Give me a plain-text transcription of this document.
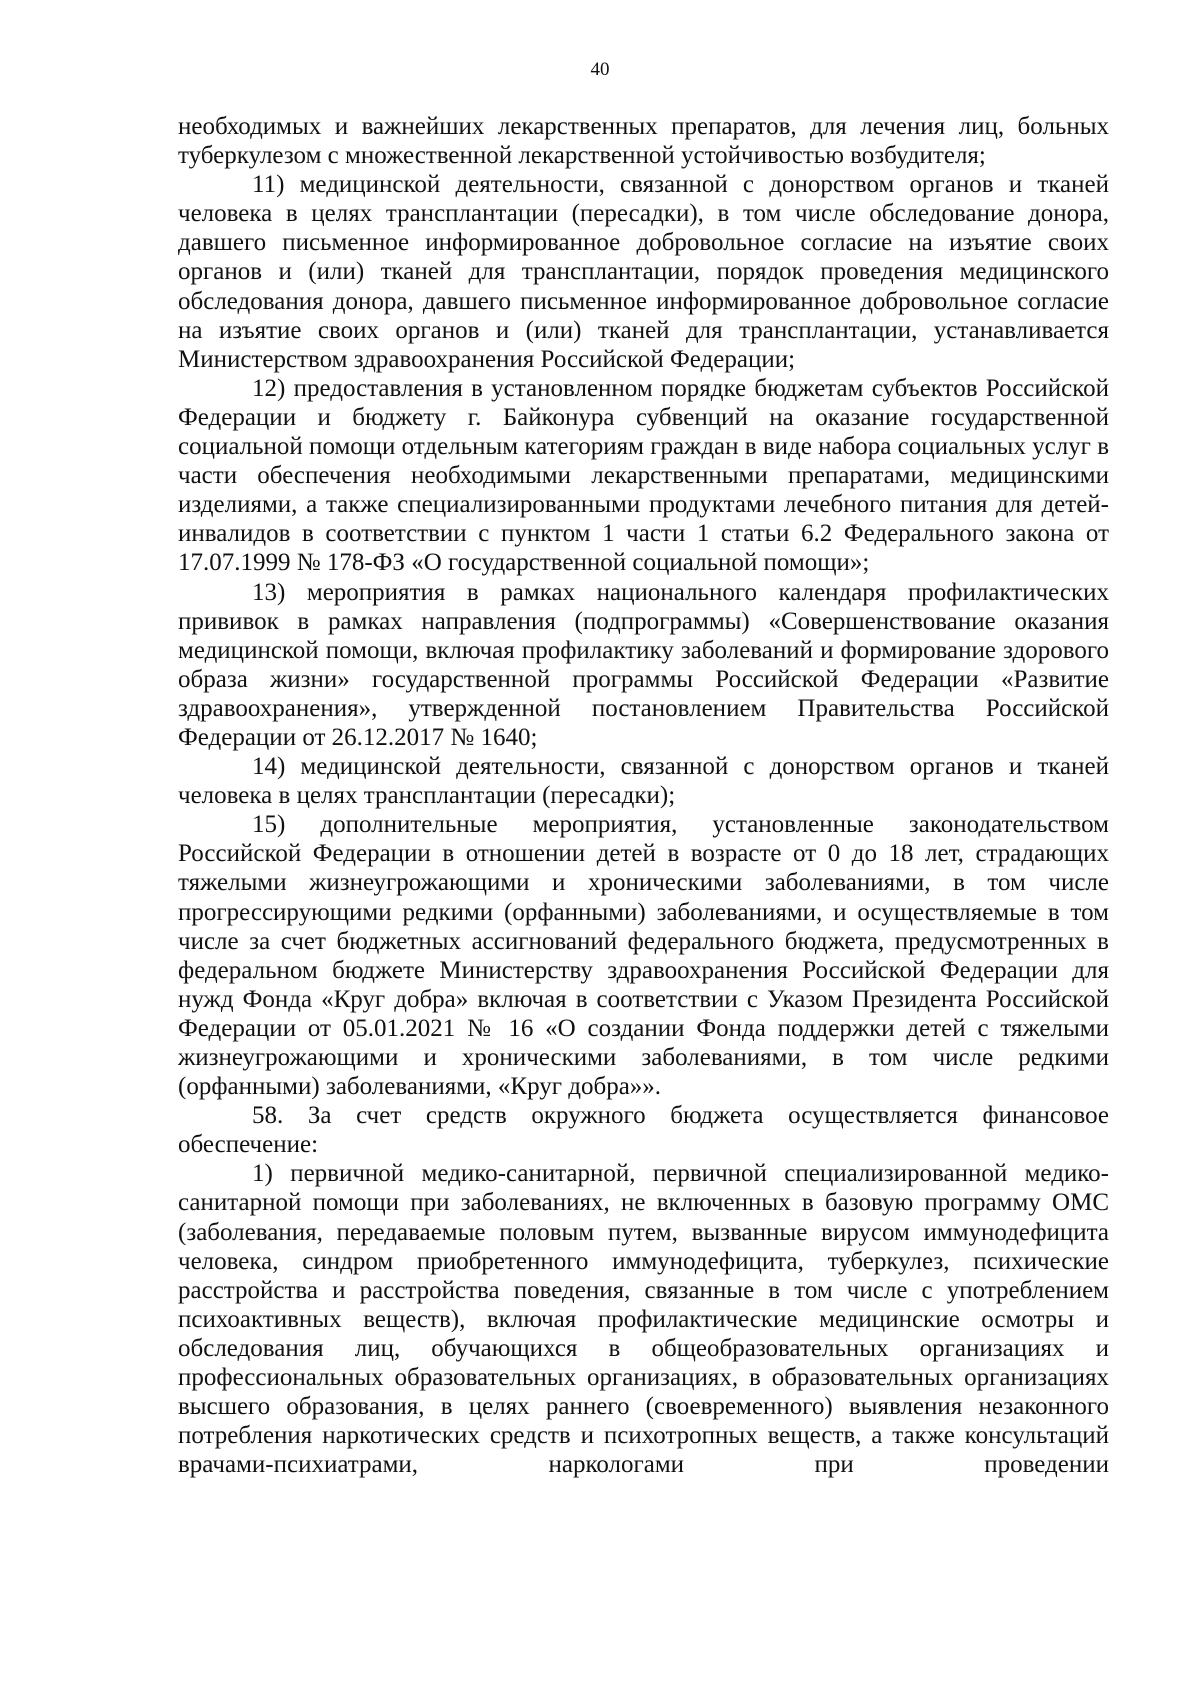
40

необходимых и важнейших лекарственных препаратов, для лечения лиц, больных туберкулезом с множественной лекарственной устойчивостью возбудителя;

11) медицинской деятельности, связанной с донорством органов и тканей человека в целях трансплантации (пересадки), в том числе обследование донора, давшего письменное информированное добровольное согласие на изъятие своих органов и (или) тканей для трансплантации, порядок проведения медицинского обследования донора, давшего письменное информированное добровольное согласие на изъятие своих органов и (или) тканей для трансплантации, устанавливается Министерством здравоохранения Российской Федерации;

12) предоставления в установленном порядке бюджетам субъектов Российской Федерации и бюджету г. Байконура субвенций на оказание государственной социальной помощи отдельным категориям граждан в виде набора социальных услуг в части обеспечения необходимыми лекарственными препаратами, медицинскими изделиями, а также специализированными продуктами лечебного питания для детей-инвалидов в соответствии с пунктом 1 части 1 статьи 6.2 Федерального закона от 17.07.1999 № 178-ФЗ «О государственной социальной помощи»;

13) мероприятия в рамках национального календаря профилактических прививок в рамках направления (подпрограммы) «Совершенствование оказания медицинской помощи, включая профилактику заболеваний и формирование здорового образа жизни» государственной программы Российской Федерации «Развитие здравоохранения», утвержденной постановлением Правительства Российской Федерации от 26.12.2017 № 1640;

14) медицинской деятельности, связанной с донорством органов и тканей человека в целях трансплантации (пересадки);

15) дополнительные мероприятия, установленные законодательством Российской Федерации в отношении детей в возрасте от 0 до 18 лет, страдающих тяжелыми жизнеугрожающими и хроническими заболеваниями, в том числе прогрессирующими редкими (орфанными) заболеваниями, и осуществляемые в том числе за счет бюджетных ассигнований федерального бюджета, предусмотренных в федеральном бюджете Министерству здравоохранения Российской Федерации для нужд Фонда «Круг добра» включая в соответствии с Указом Президента Российской Федерации от 05.01.2021 № 16 «О создании Фонда поддержки детей с тяжелыми жизнеугрожающими и хроническими заболеваниями, в том числе редкими (орфанными) заболеваниями, «Круг добра»».

58. За счет средств окружного бюджета осуществляется финансовое обеспечение:

1) первичной медико-санитарной, первичной специализированной медико-санитарной помощи при заболеваниях, не включенных в базовую программу ОМС (заболевания, передаваемые половым путем, вызванные вирусом иммунодефицита человека, синдром приобретенного иммунодефицита, туберкулез, психические расстройства и расстройства поведения, связанные в том числе с употреблением психоактивных веществ), включая профилактические медицинские осмотры и обследования лиц, обучающихся в общеобразовательных организациях и профессиональных образовательных организациях, в образовательных организациях высшего образования, в целях раннего (своевременного) выявления незаконного потребления наркотических средств и психотропных веществ, а также консультаций врачами-психиатрами, наркологами при проведении
